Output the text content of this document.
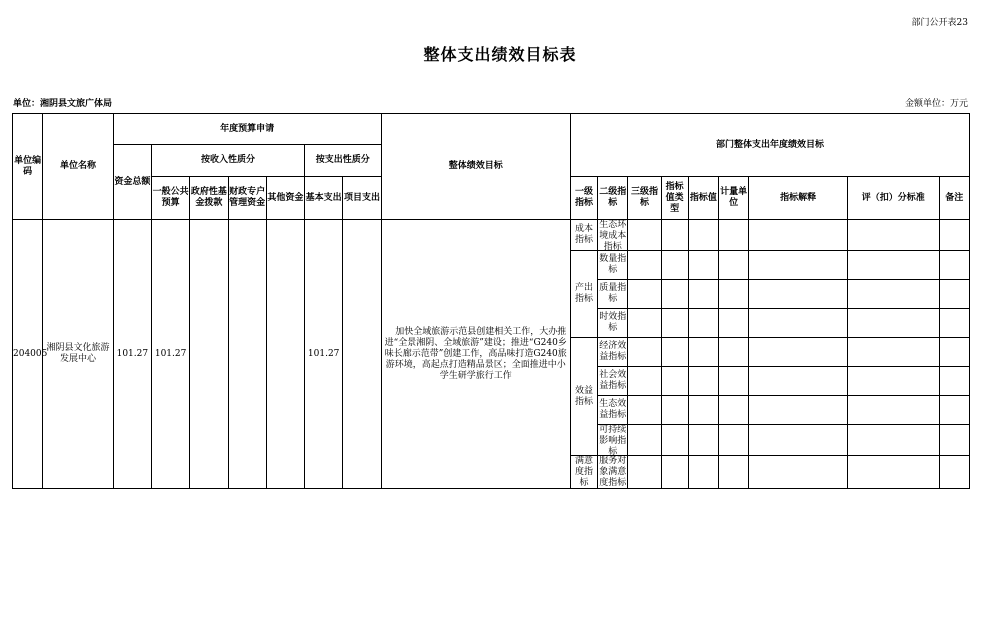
部门公开表23
整体支出绩效目标表
单位：湘阴县文旅广体局	金额单位：万元
单位编码	单位名称	年度预算申请							整体绩效目标	部门整体支出年度绩效目标								
		资金总额	按收入性质分				按支出性质分											
			一般公共预算	政府性基金拨款	财政专户管理资金	其他资金	基本支出	项目支出		一级指标	二级指标	三级指标	指标值类型	指标值	计量单位	指标解释	评（扣）分标准	备注
204005	湘阴县文化旅游发展中心	101.27	101.27				101.27		加快全域旅游示范县创建相关工作，大办推进“全景湘阴、全域旅游”建设；推进“G240乡味长廊示范带”创建工作，高品味打造G240旅游环境，高起点打造精品景区；全面推进中小学生研学旅行工作	成本指标	生态环境成本指标							

										产出指标	数量指标							
											质量指标							
											时效指标							
										效益指标	经济效益指标							
											社会效益指标							
											生态效益指标							

											可持续影响指标							

										满意度指标	服务对象满意度指标							
